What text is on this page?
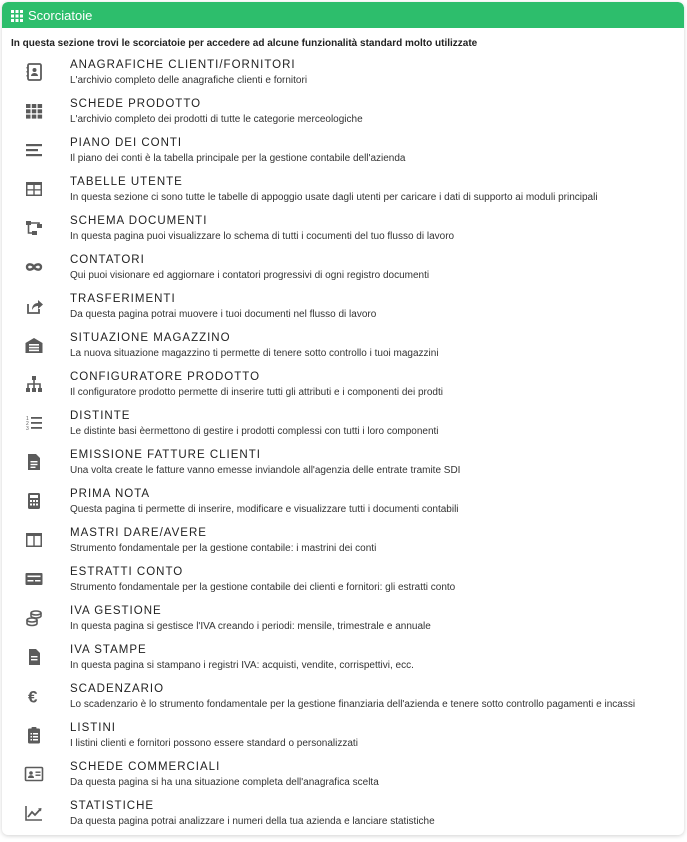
Scorciatoie
In questa sezione trovi le scorciatoie per accedere ad alcune funzionalità standard molto utilizzate
ANAGRAFICHE CLIENTI/FORNITORI
L'archivio completo delle anagrafiche clienti e fornitori
SCHEDE PRODOTTO
L'archivio completo dei prodotti di tutte le categorie merceologiche
PIANO DEI CONTI
Il piano dei conti è la tabella principale per la gestione contabile dell'azienda
TABELLE UTENTE
In questa sezione ci sono tutte le tabelle di appoggio usate dagli utenti per caricare i dati di supporto ai moduli principali
SCHEMA DOCUMENTI
In questa pagina puoi visualizzare lo schema di tutti i cocumenti del tuo flusso di lavoro
CONTATORI
Qui puoi visionare ed aggiornare i contatori progressivi di ogni registro documenti
TRASFERIMENTI
Da questa pagina potrai muovere i tuoi documenti nel flusso di lavoro
SITUAZIONE MAGAZZINO
La nuova situazione magazzino ti permette di tenere sotto controllo i tuoi magazzini
CONFIGURATORE PRODOTTO
Il configuratore prodotto permette di inserire tutti gli attributi e i componenti dei prodti
1
2
3
DISTINTE
Le distinte basi èermettono di gestire i prodotti complessi con tutti i loro componenti
EMISSIONE FATTURE CLIENTI
Una volta create le fatture vanno emesse inviandole all'agenzia delle entrate tramite SDI
PRIMA NOTA
Questa pagina ti permette di inserire, modificare e visualizzare tutti i documenti contabili
MASTRI DARE/AVERE
Strumento fondamentale per la gestione contabile: i mastrini dei conti
ESTRATTI CONTO
Strumento fondamentale per la gestione contabile dei clienti e fornitori: gli estratti conto
IVA GESTIONE
In questa pagina si gestisce l'IVA creando i periodi: mensile, trimestrale e annuale
IVA STAMPE
In questa pagina si stampano i registri IVA: acquisti, vendite, corrispettivi, ecc.
€	SCADENZARIO
Lo scadenzario è lo strumento fondamentale per la gestione finanziaria dell'azienda e tenere sotto controllo pagamenti e incassi
LISTINI
I listini clienti e fornitori possono essere standard o personalizzati
SCHEDE COMMERCIALI
Da questa pagina si ha una situazione completa dell'anagrafica scelta
STATISTICHE
Da questa pagina potrai analizzare i numeri della tua azienda e lanciare statistiche
